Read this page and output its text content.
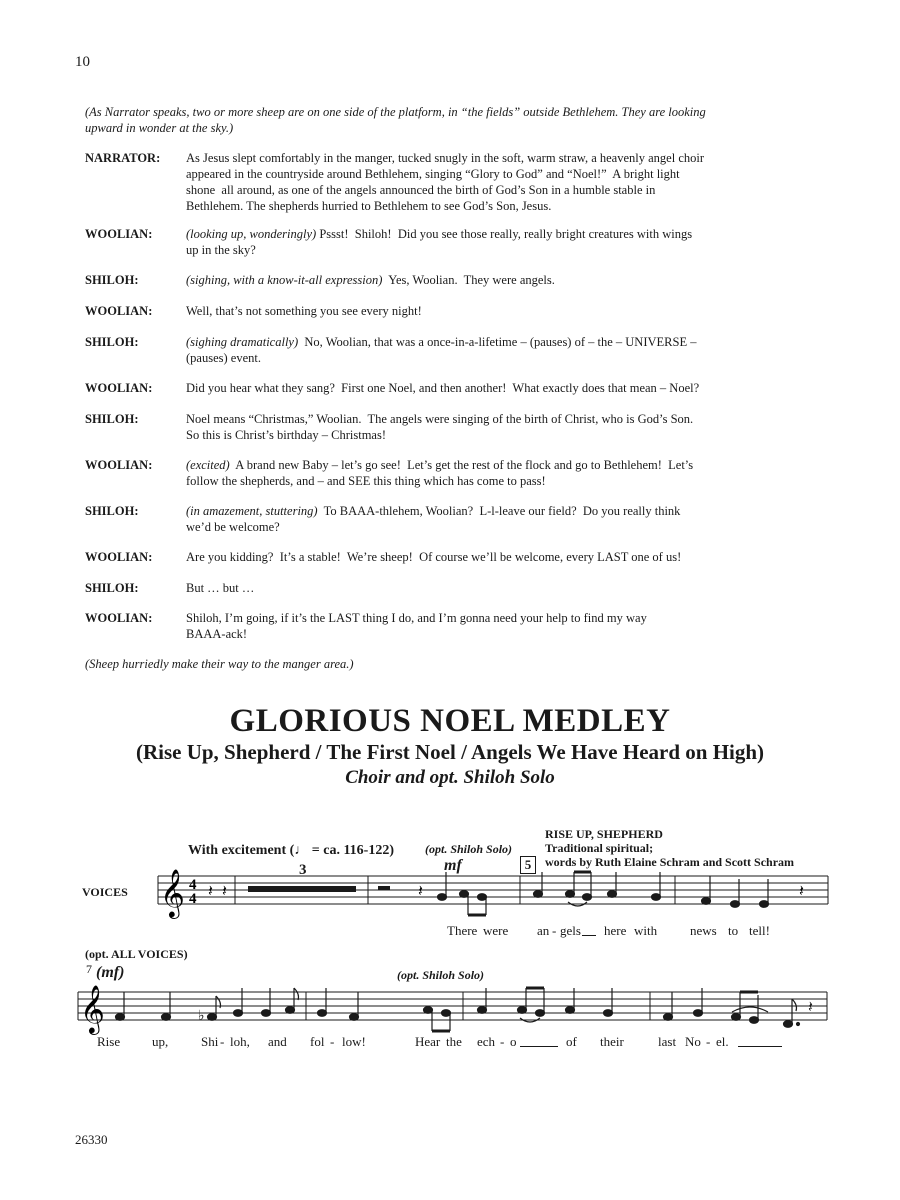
10
(As Narrator speaks, two or more sheep are on one side of the platform, in “the fields” outside Bethlehem. They are looking
upward in wonder at the sky.)
NARRATOR: As Jesus slept comfortably in the manger, tucked snugly in the soft, warm straw, a heavenly angel choir
appeared in the countryside around Bethlehem, singing “Glory to God” and “Noel!”  A bright light
shone  all around, as one of the angels announced the birth of God’s Son in a humble stable in
Bethlehem. The shepherds hurried to Bethlehem to see God’s Son, Jesus.
WOOLIAN:	(looking up, wonderingly) Pssst!  Shiloh!  Did you see those really, really bright creatures with wings
up in the sky?
SHILOH:	(sighing, with a know-it-all expression)  Yes, Woolian.  They were angels.
WOOLIAN:	Well, that’s not something you see every night!
SHILOH:	(sighing dramatically)  No, Woolian, that was a once-in-a-lifetime – (pauses) of – the – UNIVERSE –
(pauses) event.
WOOLIAN:	Did you hear what they sang?  First one Noel, and then another!  What exactly does that mean – Noel?
SHILOH:	Noel means “Christmas,” Woolian.  The angels were singing of the birth of Christ, who is God’s Son.
So this is Christ’s birthday – Christmas!
WOOLIAN:	(excited)  A brand new Baby – let’s go see!  Let’s get the rest of the flock and go to Bethlehem!  Let’s
follow the shepherds, and – and SEE this thing which has come to pass!
SHILOH:	(in amazement, stuttering)  To BAAA-thlehem, Woolian?  L-l-leave our field?  Do you really think
we’d be welcome?
WOOLIAN:	Are you kidding?  It’s a stable!  We’re sheep!  Of course we’ll be welcome, every LAST one of us!
SHILOH:	But … but …
WOOLIAN:	Shiloh, I’m going, if it’s the LAST thing I do, and I’m gonna need your help to find my way
BAAA-ack!
(Sheep hurriedly make their way to the manger area.)
GLORIOUS NOEL MEDLEY
(Rise Up, Shepherd / The First Noel / Angels We Have Heard on High)
Choir and opt. Shiloh Solo
RISE UP, SHEPHERD
Traditional spiritual;
words by Ruth Elaine Schram and Scott Schram
With excitement (♩ = ca. 116-122)	(opt. Shiloh Solo)
mf	5
3
VOICES 𝄞 4
4 𝄽 𝄽	𝄽	𝄽
There were an - gels here with	news to tell!
7
(opt. ALL VOICES)
(mf)	(opt. Shiloh Solo)
𝄞	♭
𝄽
Rise up,	Shi - loh, and fol - low!	Hear the ech - o	of their	last No - el.
26330
